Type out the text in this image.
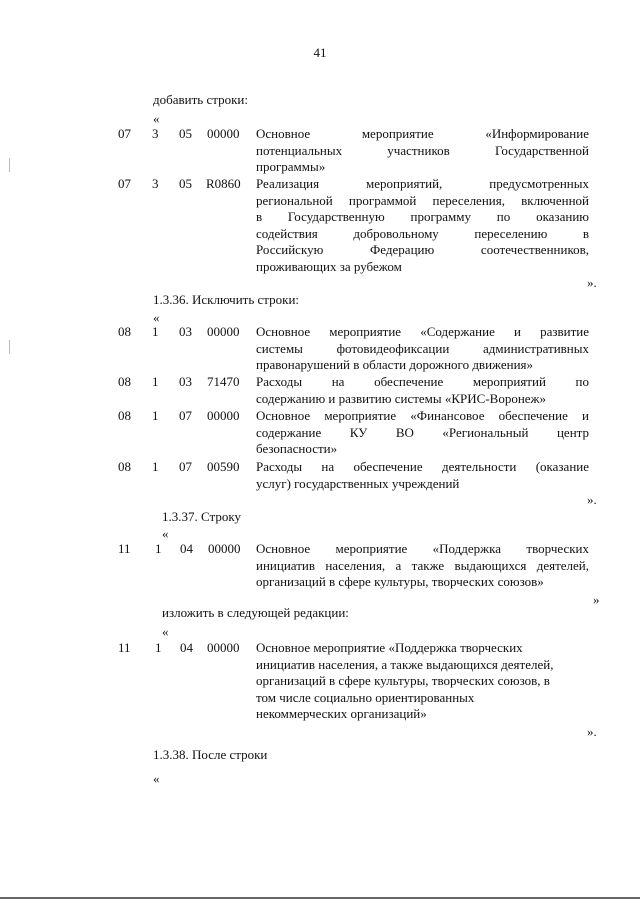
41
добавить строки:
«
07 3 05 00000 Основное мероприятие «Информирование
потенциальных участников Государственной
программы»
07 3 05 R0860 Реализация мероприятий, предусмотренных
региональной программой переселения, включенной
в Государственную программу по оказанию
содействия добровольному переселению в
Российскую Федерацию соотечественников,
проживающих за рубежом
».
1.3.36. Исключить строки:
«
08 1 03 00000 Основное мероприятие «Содержание и развитие
системы фотовидеофиксации административных
правонарушений в области дорожного движения»
08 1 03 71470 Расходы на обеспечение мероприятий по
содержанию и развитию системы «КРИС-Воронеж»
08 1 07 00000 Основное мероприятие «Финансовое обеспечение и
содержание КУ ВО «Региональный центр
безопасности»
08 1 07 00590 Расходы на обеспечение деятельности (оказание
услуг) государственных учреждений
».
1.3.37. Строку
«
11 1 04 00000 Основное мероприятие «Поддержка творческих
инициатив населения, а также выдающихся деятелей,
организаций в сфере культуры, творческих союзов»
»
изложить в следующей редакции:
«
11 1 04 00000 Основное мероприятие «Поддержка творческих
инициатив населения, а также выдающихся деятелей,
организаций в сфере культуры, творческих союзов, в
том числе социально ориентированных
некоммерческих организаций»
».
1.3.38. После строки
«
